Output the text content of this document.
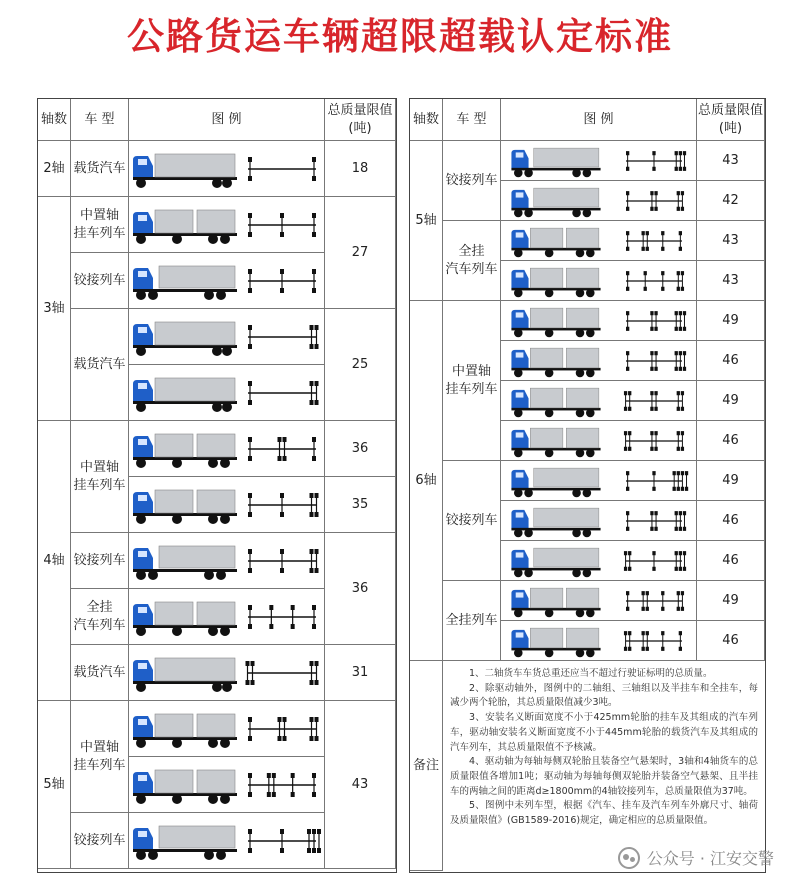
公路货运车辆超限超载认定标准
轴数 车 型	图 例
总质量限值
(吨)
2轴
3轴
4轴
5轴
载货汽车
中置轴
挂车列车
铰接列车
载货汽车
中置轴
挂车列车
铰接列车
全挂
汽车列车
载货汽车
中置轴
挂车列车
铰接列车
18
27
25
36
35
36
31
43
轴数 车 型	图 例
总质量限值
(吨)
5轴
6轴
铰接列车
全挂
汽车列车
中置轴
挂车列车
铰接列车
全挂列车
43
42
43
43
49
46
49
46
49
46
46
49
46
备注

1、二轴货车车货总重还应当不超过行驶证标明的总质量。

2、除驱动轴外，图例中的二轴组、三轴组以及半挂车和全挂车，每减少两个轮胎，其总质量限值减少3吨。

3、安装名义断面宽度不小于425mm轮胎的挂车及其组成的汽车列车，驱动轴安装名义断面宽度不小于445mm轮胎的载货汽车及其组成的汽车列车，其总质量限值不予核减。

4、驱动轴为每轴每侧双轮胎且装备空气悬架时，3轴和4轴货车的总质量限值各增加1吨；驱动轴为每轴每侧双轮胎并装备空气悬架、且半挂车的两轴之间的距离d≥1800mm的4轴铰接列车，总质量限值为37吨。

5、图例中未列车型，根据《汽车、挂车及汽车列车外廓尺寸、轴荷及质量限值》(GB1589-2016)规定，确定相应的总质量限值。

公众号 · 江安交警
